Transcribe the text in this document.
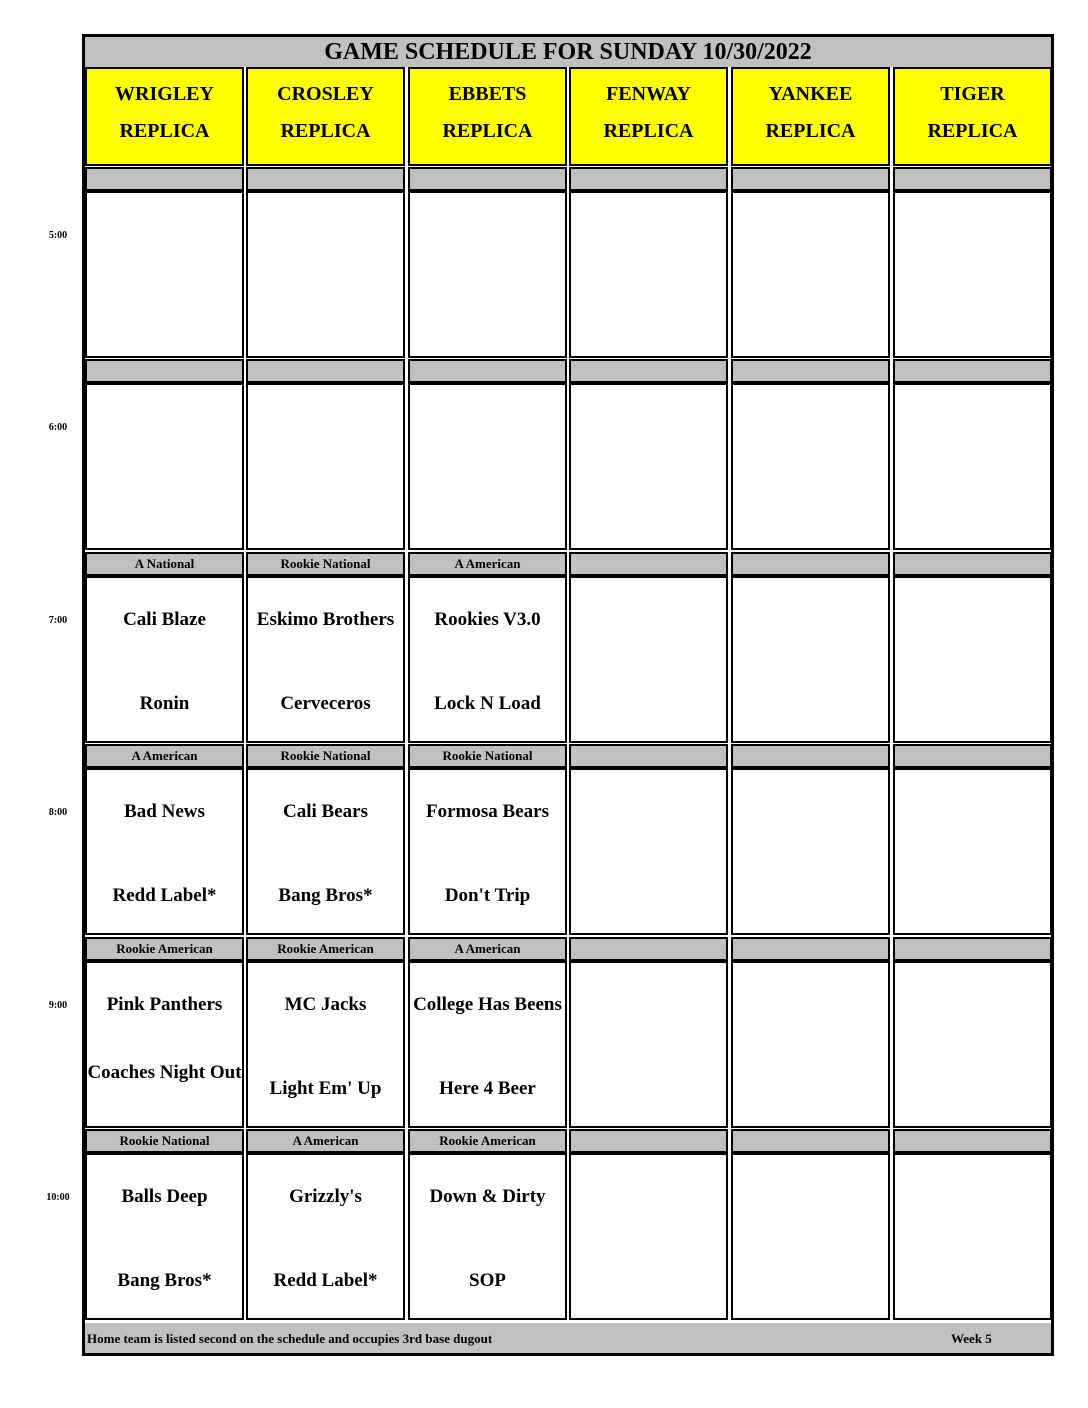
GAME SCHEDULE FOR SUNDAY 10/30/2022
WRIGLEY
REPLICA
CROSLEY
REPLICA
EBBETS
REPLICA
FENWAY
REPLICA
YANKEE
REPLICA
TIGER
REPLICA
5:00
6:00
7:00
A National
Cali Blaze
Ronin
Rookie National
Eskimo Brothers
Cerveceros
A American
Rookies V3.0
Lock N Load
8:00
A American
Bad News
Redd Label*
Rookie National
Cali Bears
Bang Bros*
Rookie National
Formosa Bears
Don't Trip
9:00
Rookie American
Pink Panthers
Coaches Night Out
Rookie American
MC Jacks
Light Em' Up
A American
College Has Beens
Here 4 Beer
10:00
Rookie National
Balls Deep
Bang Bros*
A American
Grizzly's
Redd Label*
Rookie American
Down & Dirty
SOP
Home team is listed second on the schedule and occupies 3rd base dugout	Week 5
